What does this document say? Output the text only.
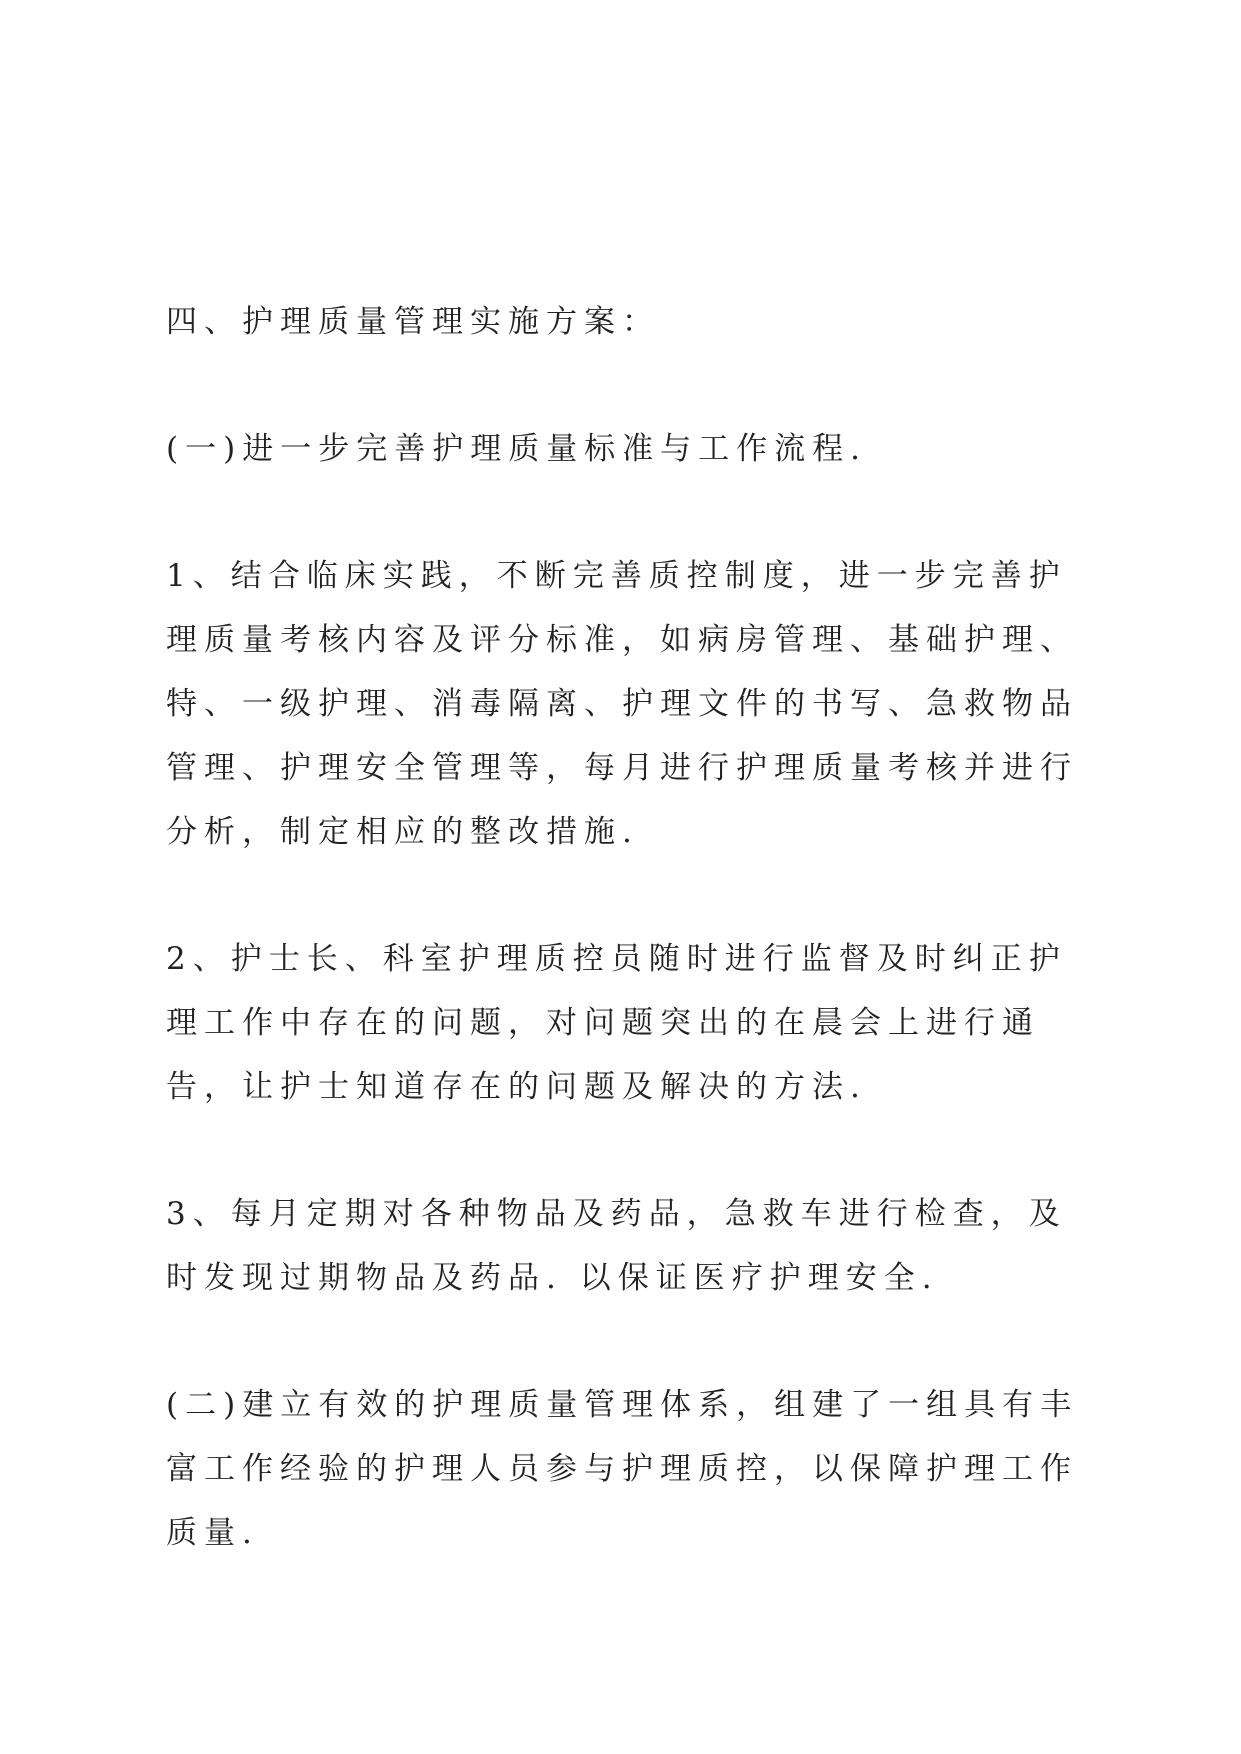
四、护理质量管理实施方案：

(一)进一步完善护理质量标准与工作流程.

1、结合临床实践，不断完善质控制度，进一步完善护理质量考核内容及评分标准，如病房管理、基础护理、特、一级护理、消毒隔离、护理文件的书写、急救物品管理、护理安全管理等，每月进行护理质量考核并进行分析，制定相应的整改措施.

2、护士长、科室护理质控员随时进行监督及时纠正护理工作中存在的问题，对问题突出的在晨会上进行通告，让护士知道存在的问题及解决的方法.

3、每月定期对各种物品及药品，急救车进行检查，及时发现过期物品及药品. 以保证医疗护理安全.

(二)建立有效的护理质量管理体系，组建了一组具有丰富工作经验的护理人员参与护理质控，以保障护理工作质量.
